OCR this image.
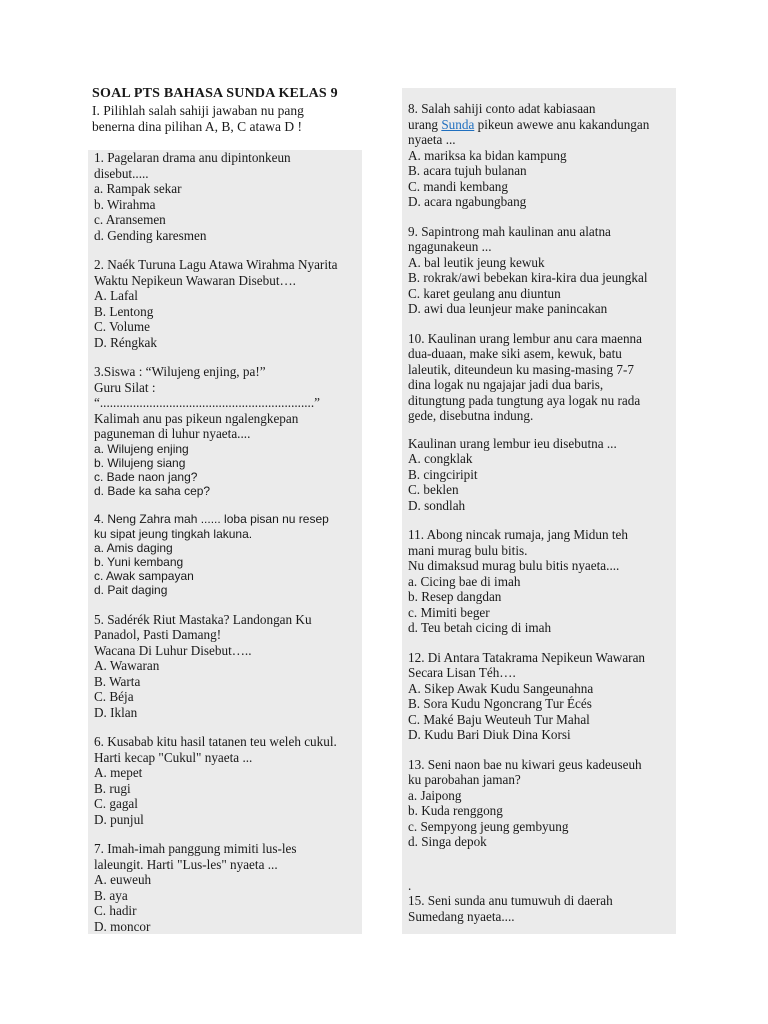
SOAL PTS BAHASA SUNDA KELAS 9
I. Pilihlah salah sahiji jawaban nu pang
benerna dina pilihan A, B, C atawa D !
1. Pagelaran drama anu dipintonkeun
disebut.....
a. Rampak sekar
b. Wirahma
c. Aransemen
d. Gending karesmen
2. Naék Turuna Lagu Atawa Wirahma Nyarita
Waktu Nepikeun Wawaran Disebut….
A. Lafal
B. Lentong
C. Volume
D. Réngkak
3.Siswa : “Wilujeng enjing, pa!”
Guru Silat :
“.................................................................”
Kalimah anu pas pikeun ngalengkepan
paguneman di luhur nyaeta....
a. Wilujeng enjing
b. Wilujeng siang
c. Bade naon jang?
d. Bade ka saha cep?
4. Neng Zahra mah ...... loba pisan nu resep
ku sipat jeung tingkah lakuna.
a. Amis daging
b. Yuni kembang
c. Awak sampayan
d. Pait daging
5. Sadérék Riut Mastaka? Landongan Ku
Panadol, Pasti Damang!
Wacana Di Luhur Disebut…..
A. Wawaran
B. Warta
C. Béja
D. Iklan
6. Kusabab kitu hasil tatanen teu weleh cukul.
Harti kecap "Cukul" nyaeta ...
A. mepet
B. rugi
C. gagal
D. punjul
7. Imah-imah panggung mimiti lus-les
laleungit. Harti "Lus-les" nyaeta ...
A. euweuh
B. aya
C. hadir
D. moncor
8. Salah sahiji conto adat kabiasaan
urang Sunda pikeun awewe anu kakandungan
nyaeta ...
A. mariksa ka bidan kampung
B. acara tujuh bulanan
C. mandi kembang
D. acara ngabungbang
9. Sapintrong mah kaulinan anu alatna
ngagunakeun ...
A. bal leutik jeung kewuk
B. rokrak/awi bebekan kira-kira dua jeungkal
C. karet geulang anu diuntun
D. awi dua leunjeur make panincakan
10. Kaulinan urang lembur anu cara maenna
dua-duaan, make siki asem, kewuk, batu
laleutik, diteundeun ku masing-masing 7-7
dina logak nu ngajajar jadi dua baris,
ditungtung pada tungtung aya logak nu rada
gede, disebutna indung.
Kaulinan urang lembur ieu disebutna ...
A. congklak
B. cingciripit
C. beklen
D. sondlah
11. Abong nincak rumaja, jang Midun teh
mani murag bulu bitis.
Nu dimaksud murag bulu bitis nyaeta....
a. Cicing bae di imah
b. Resep dangdan
c. Mimiti beger
d. Teu betah cicing di imah
12. Di Antara Tatakrama Nepikeun Wawaran
Secara Lisan Téh….
A. Sikep Awak Kudu Sangeunahna
B. Sora Kudu Ngoncrang Tur Écés
C. Maké Baju Weuteuh Tur Mahal
D. Kudu Bari Diuk Dina Korsi
13. Seni naon bae nu kiwari geus kadeuseuh
ku parobahan jaman?
a. Jaipong
b. Kuda renggong
c. Sempyong jeung gembyung
d. Singa depok
.
15. Seni sunda anu tumuwuh di daerah
Sumedang nyaeta....
